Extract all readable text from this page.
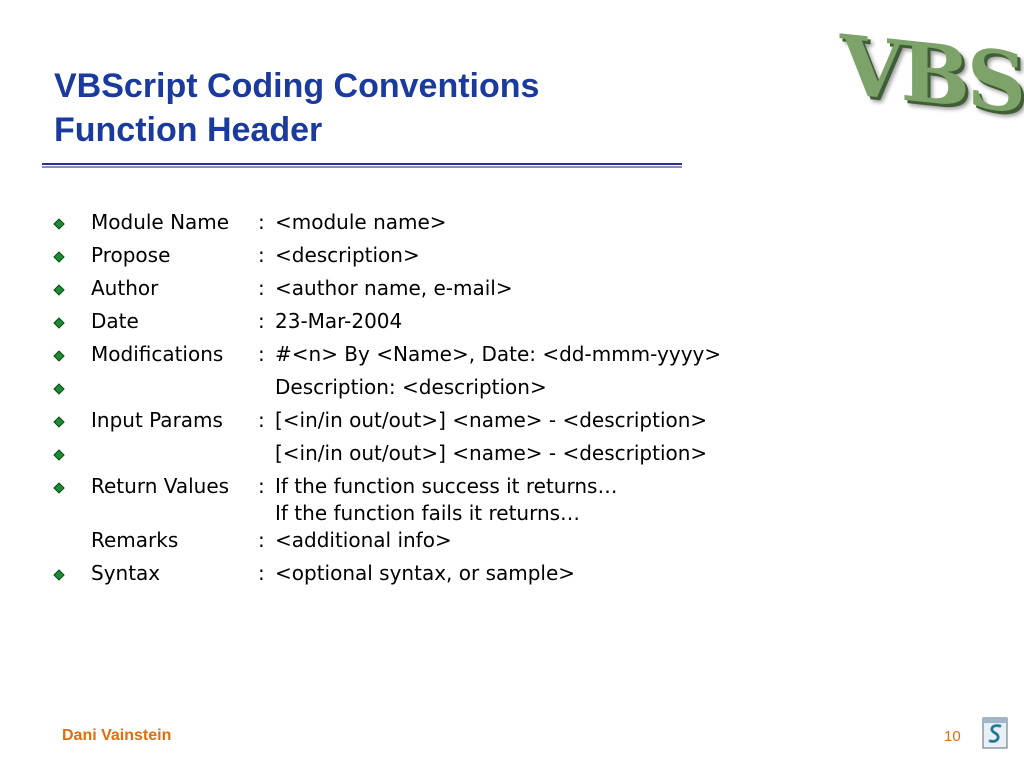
VBScript Coding Conventions
Function Header	VBS
Module Name : <module name>
Propose	: <description>
Author	: <author name, e-mail>
Date	: 23-Mar-2004
Modifications : #<n> By <Name>, Date: <dd-mmm-yyyy>
Description: <description>
Input Params : [<in/in out/out>] <name> - <description>
[<in/in out/out>] <name> - <description>
Return Values : If the function success it returns…
If the function fails it returns…
Remarks	: <additional info>
Syntax	: <optional syntax, or sample>
Dani Vainstein	10
